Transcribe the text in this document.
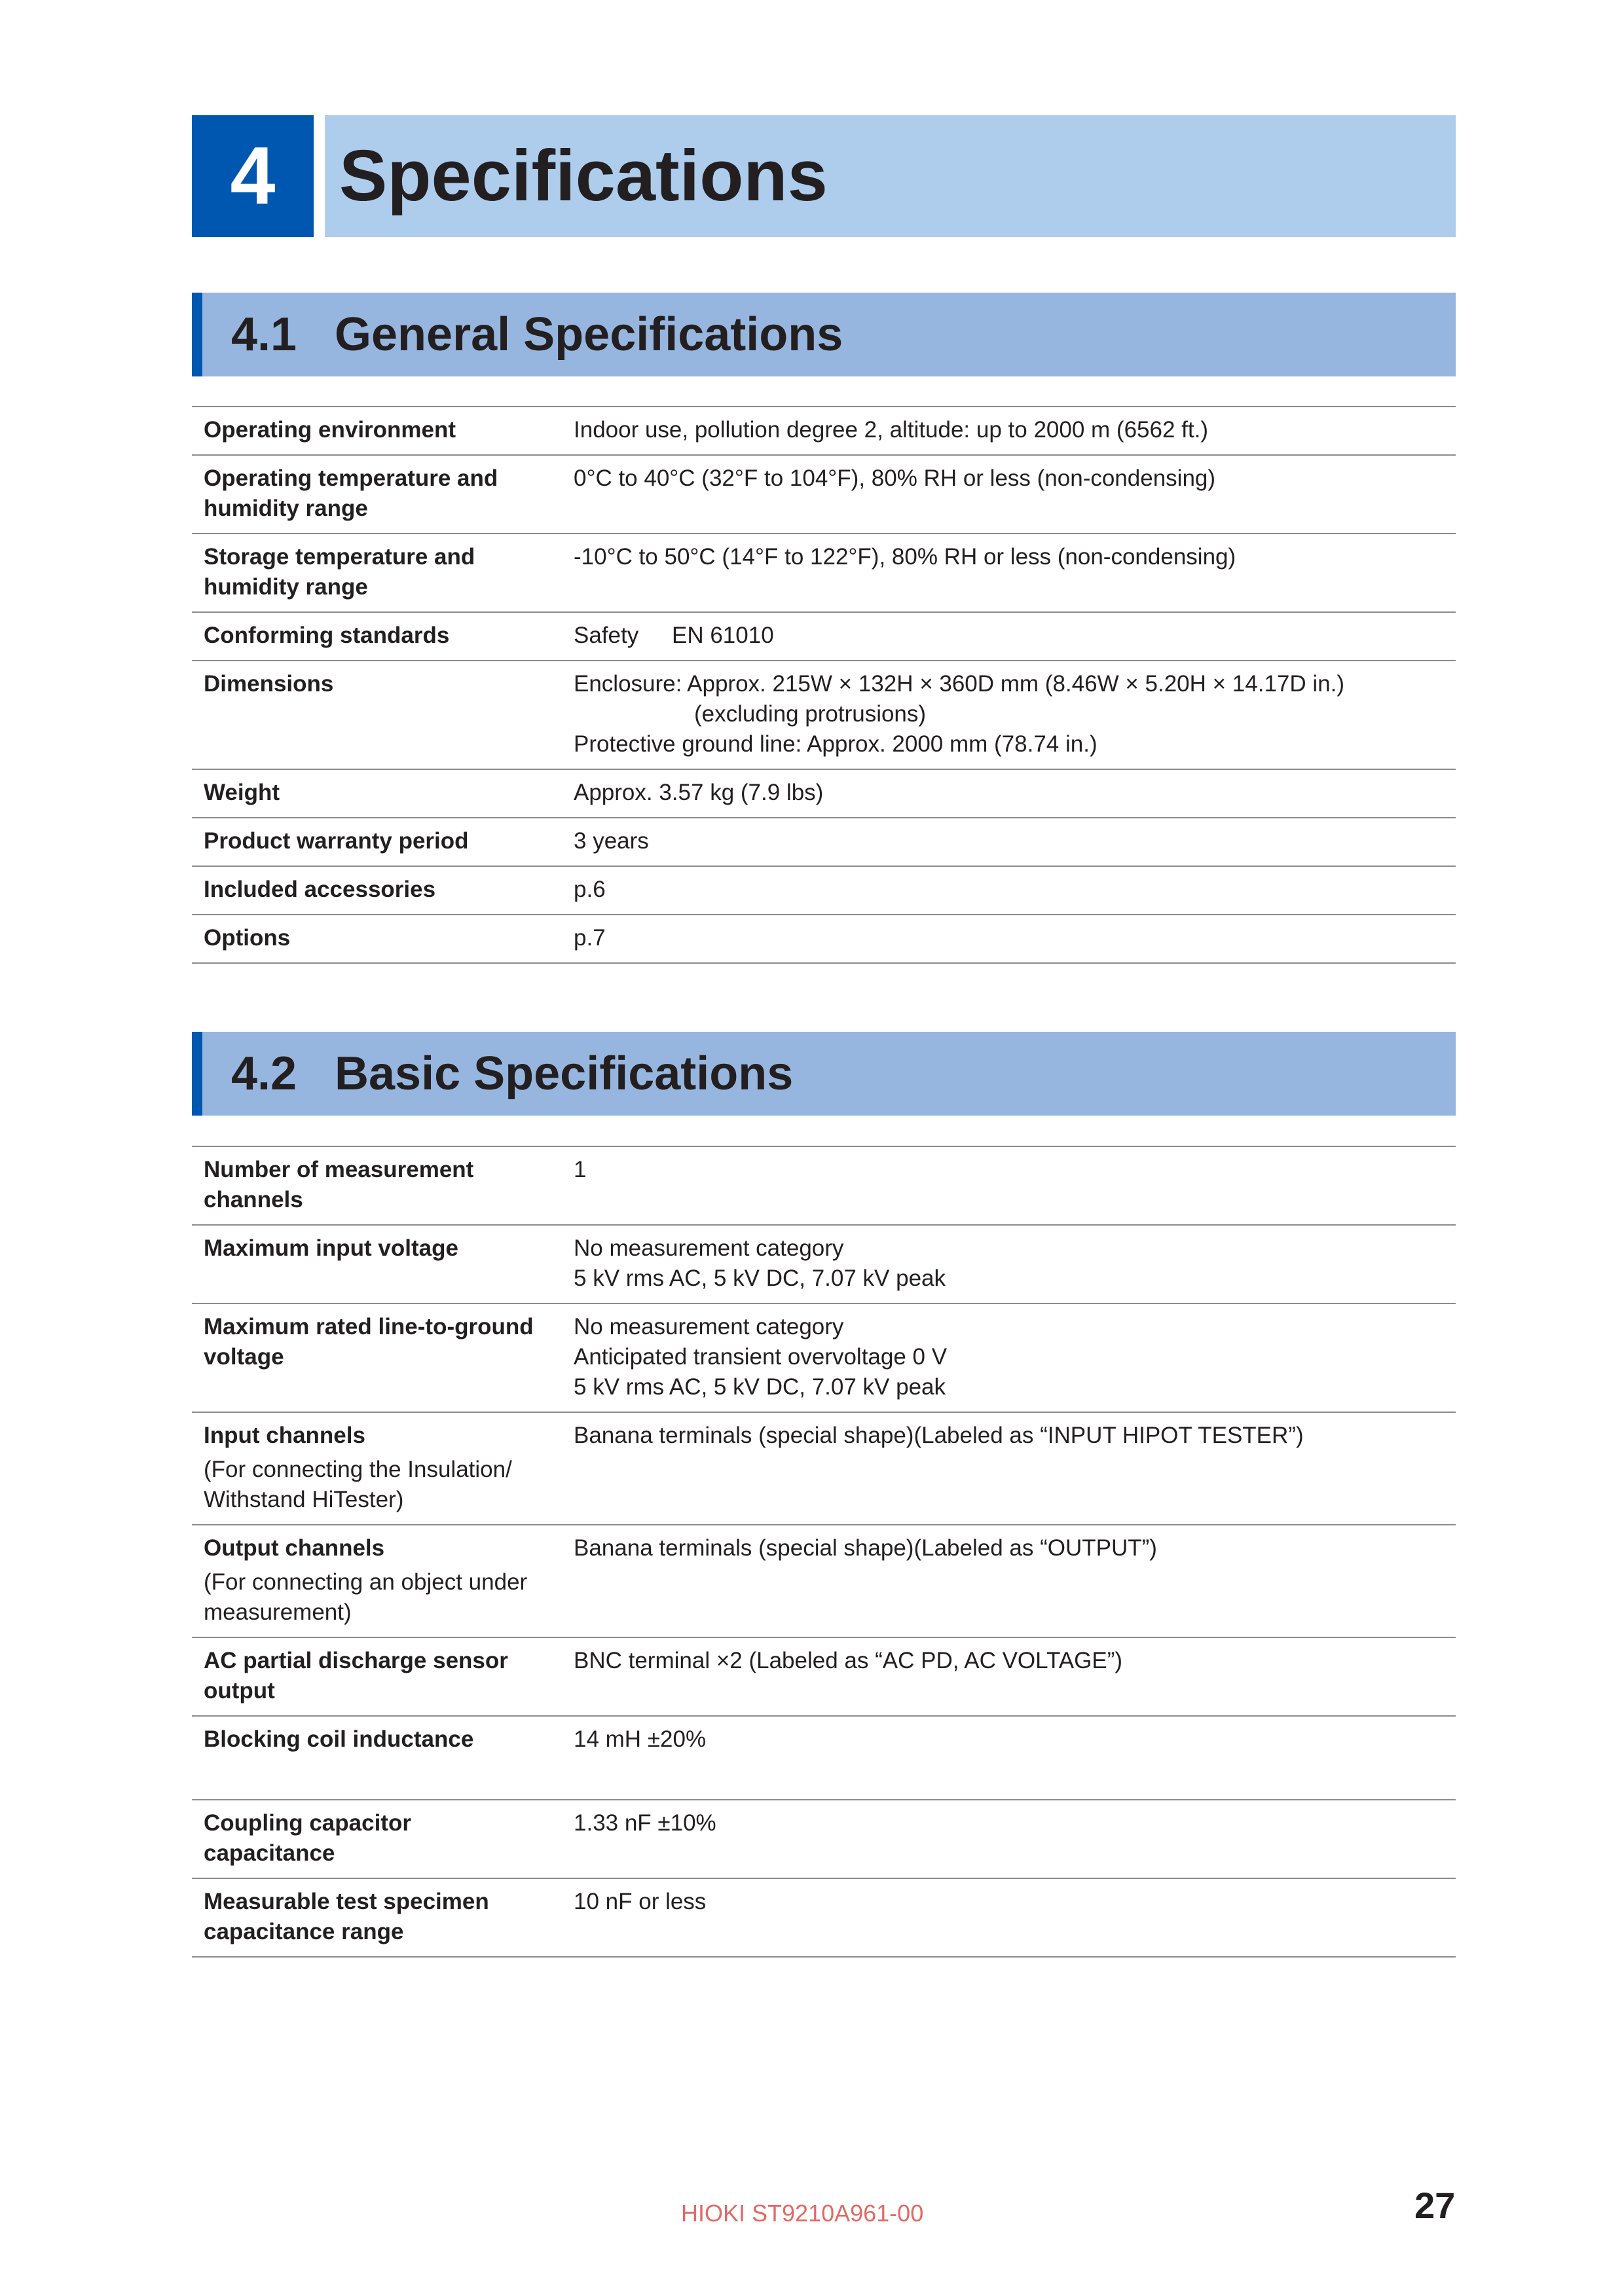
4 Specifications
4.1 General Specifications
Operating environment	Indoor use, pollution degree 2, altitude: up to 2000 m (6562 ft.)
Operating temperature and humidity range	0°C to 40°C (32°F to 104°F), 80% RH or less (non-condensing)
Storage temperature and humidity range	-10°C to 50°C (14°F to 122°F), 80% RH or less (non-condensing)
Conforming standards	Safety EN 61010
Dimensions	Enclosure: Approx. 215W × 132H × 360D mm (8.46W × 5.20H × 14.17D in.)
(excluding protrusions)
Protective ground line: Approx. 2000 mm (78.74 in.)

Weight	Approx. 3.57 kg (7.9 lbs)
Product warranty period	3 years
Included accessories	p.6
Options	p.7
4.2 Basic Specifications
Number of measurement channels	1
Maximum input voltage	No measurement category
5 kV rms AC, 5 kV DC, 7.07 kV peak

Maximum rated line-to-ground voltage	No measurement category
Anticipated transient overvoltage 0 V
5 kV rms AC, 5 kV DC, 7.07 kV peak

Input channels
(For connecting the Insulation/ Withstand HiTester)	Banana terminals (special shape)(Labeled as “INPUT HIPOT TESTER”)
Output channels
(For connecting an object under measurement)	Banana terminals (special shape)(Labeled as “OUTPUT”)
AC partial discharge sensor output	BNC terminal ×2 (Labeled as “AC PD, AC VOLTAGE”)
Blocking coil inductance	14 mH ±20%
Coupling capacitor capacitance	1.33 nF ±10%
Measurable test specimen capacitance range	10 nF or less
HIOKI ST9210A961-00	27
